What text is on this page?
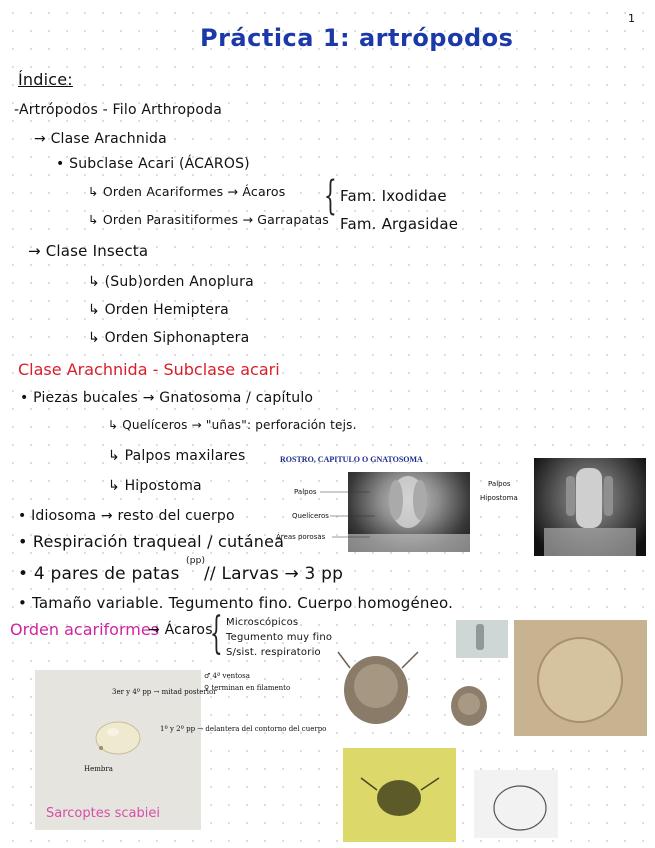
1
Práctica 1: artrópodos
Índice:
-Artrópodos - Filo Arthropoda
→ Clase Arachnida
• Subclase Acari (ÁCAROS)
↳ Orden Acariformes → Ácaros
↳ Orden Parasitiformes → Garrapatas
{ Fam. Ixodidae
Fam. Argasidae
→ Clase Insecta
↳ (Sub)orden Anoplura
↳ Orden Hemiptera
↳ Orden Siphonaptera
Clase Arachnida - Subclase acari
• Piezas bucales → Gnatosoma / capítulo
↳ Quelíceros → "uñas": perforación tejs.
↳ Palpos maxilares
↳ Hipostoma
• Idiosoma → resto del cuerpo
• Respiración traqueal / cutánea
• 4 pares de patas
(pp)
// Larvas → 3 pp
• Tamaño variable. Tegumento fino. Cuerpo homogéneo.
ROSTRO, CAPITULO O GNATOSOMA
Palpos
Quelíceros
Áreas porosas
Palpos
Hipostoma
Orden acariformes
→ Ácaros
{ Microscópicos
Tegumento muy fino
S/sist. respiratorio
3er y 4º pp → mitad posterior
1º y 2º pp → delantera del contorno del cuerpo
Hembra
♂ 4ª ventosa
♀ terminan en filamento
Sarcoptes scabiei
